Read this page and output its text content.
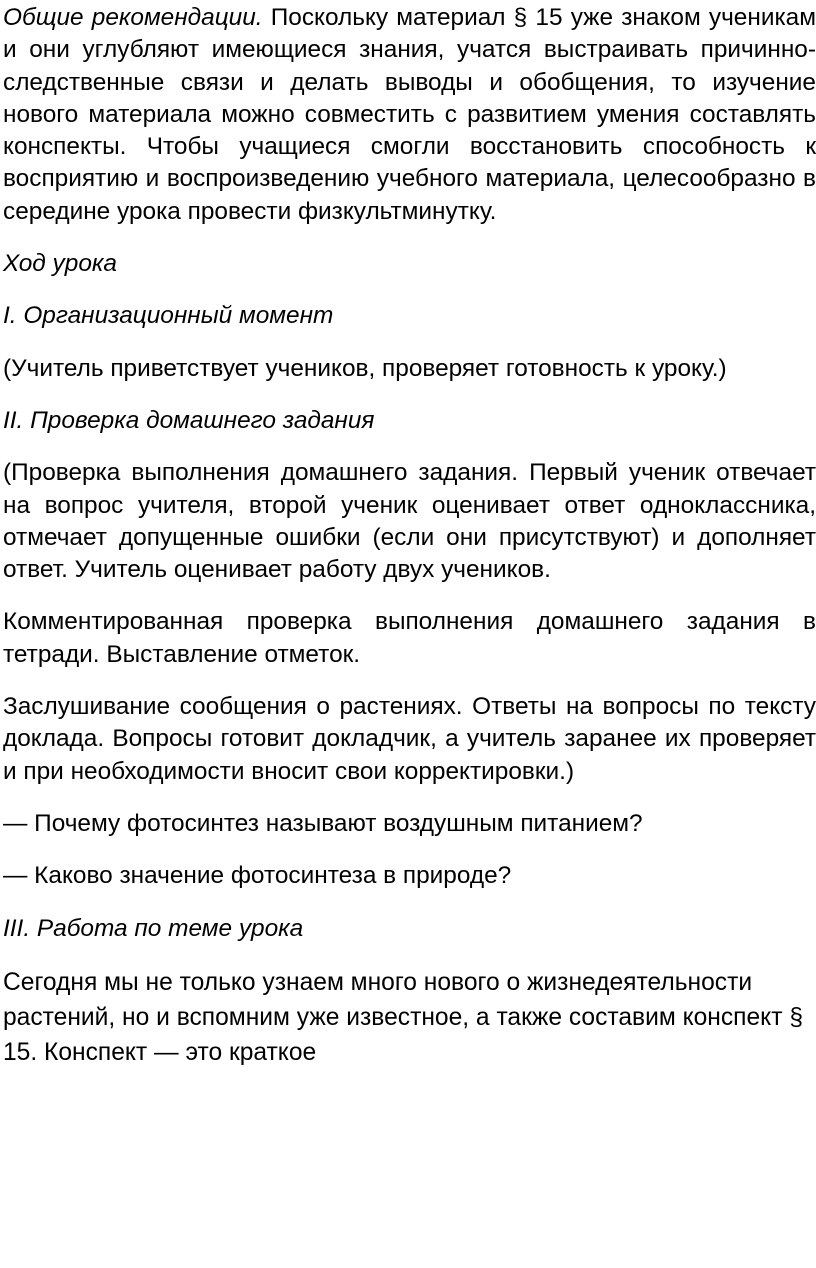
Общие рекомендации. Поскольку материал § 15 уже знаком ученикам и они углубляют имеющиеся знания, учатся выстраивать причинно-следственные связи и делать выводы и обобщения, то изучение нового материала можно совместить с развитием умения составлять конспекты. Чтобы учащиеся смогли восстановить способность к восприятию и воспроизведению учебного материала, целесообразно в середине урока провести физкультминутку.

Ход урока

I. Организационный момент

(Учитель приветствует учеников, проверяет готовность к уроку.)

II. Проверка домашнего задания

(Проверка выполнения домашнего задания. Первый ученик отвечает на вопрос учителя, второй ученик оценивает ответ одноклассника, отмечает допущенные ошибки (если они присутствуют) и дополняет ответ. Учитель оценивает работу двух учеников.

Комментированная проверка выполнения домашнего задания в тетради. Выставление отметок.

Заслушивание сообщения о растениях. Ответы на вопросы по тексту доклада. Вопросы готовит докладчик, а учитель заранее их проверяет и при необходимости вносит свои корректировки.)

— Почему фотосинтез называют воздушным питанием?

— Каково значение фотосинтеза в природе?

III. Работа по теме урока

Сегодня мы не только узнаем много нового о жизнедеятельности растений, но и вспомним уже известное, а также составим конспект § 15. Конспект — это краткое
